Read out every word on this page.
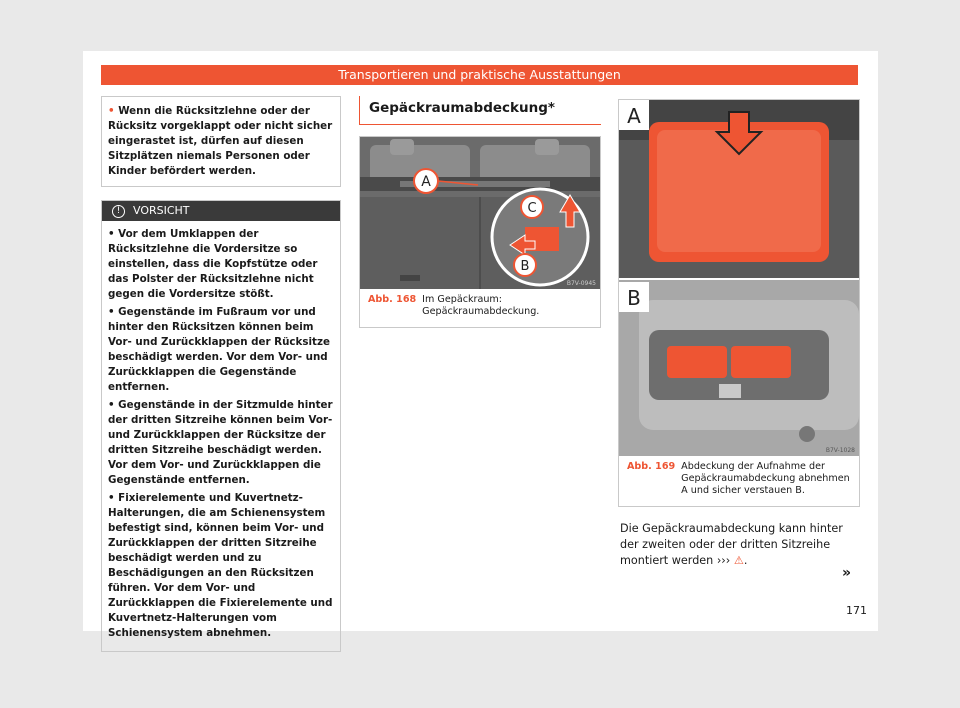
Transportieren und praktische Ausstattungen
• Wenn die Rücksitzlehne oder der Rücksitz vorgeklappt oder nicht sicher eingerastet ist, dürfen auf diesen Sitzplätzen niemals Personen oder Kinder befördert werden.
!	VORSICHT

• Vor dem Umklappen der Rücksitzlehne die Vordersitze so einstellen, dass die Kopfstütze oder das Polster der Rücksitzlehne nicht gegen die Vordersitze stößt.

• Gegenstände im Fußraum vor und hinter den Rücksitzen können beim Vor- und Zurückklappen der Rücksitze beschädigt werden. Vor dem Vor- und Zurückklappen die Gegenstände entfernen.

• Gegenstände in der Sitzmulde hinter der dritten Sitzreihe können beim Vor- und Zurückklappen der Rücksitze der dritten Sitzreihe beschädigt werden. Vor dem Vor- und Zurückklappen die Gegenstände entfernen.

• Fixierelemente und Kuvertnetz-Halterungen, die am Schienensystem befestigt sind, können beim Vor- und Zurückklappen der dritten Sitzreihe beschädigt werden und zu Beschädigungen an den Rücksitzen führen. Vor dem Vor- und Zurückklappen die Fixierelemente und Kuvertnetz-Halterungen vom Schienensystem abnehmen.

Gepäckraumabdeckung*
A
C
B
B7V-0945
Abb. 168 Im Gepäckraum: Gepäckraumabdeckung.
A
B
B7V-1028
Abb. 169 Abdeckung der Aufnahme der Gepäckraumabdeckung abnehmen A und sicher verstauen B.
Die Gepäckraumabdeckung kann hinter der zweiten oder der dritten Sitzreihe montiert werden ››› ⚠.
»
171
